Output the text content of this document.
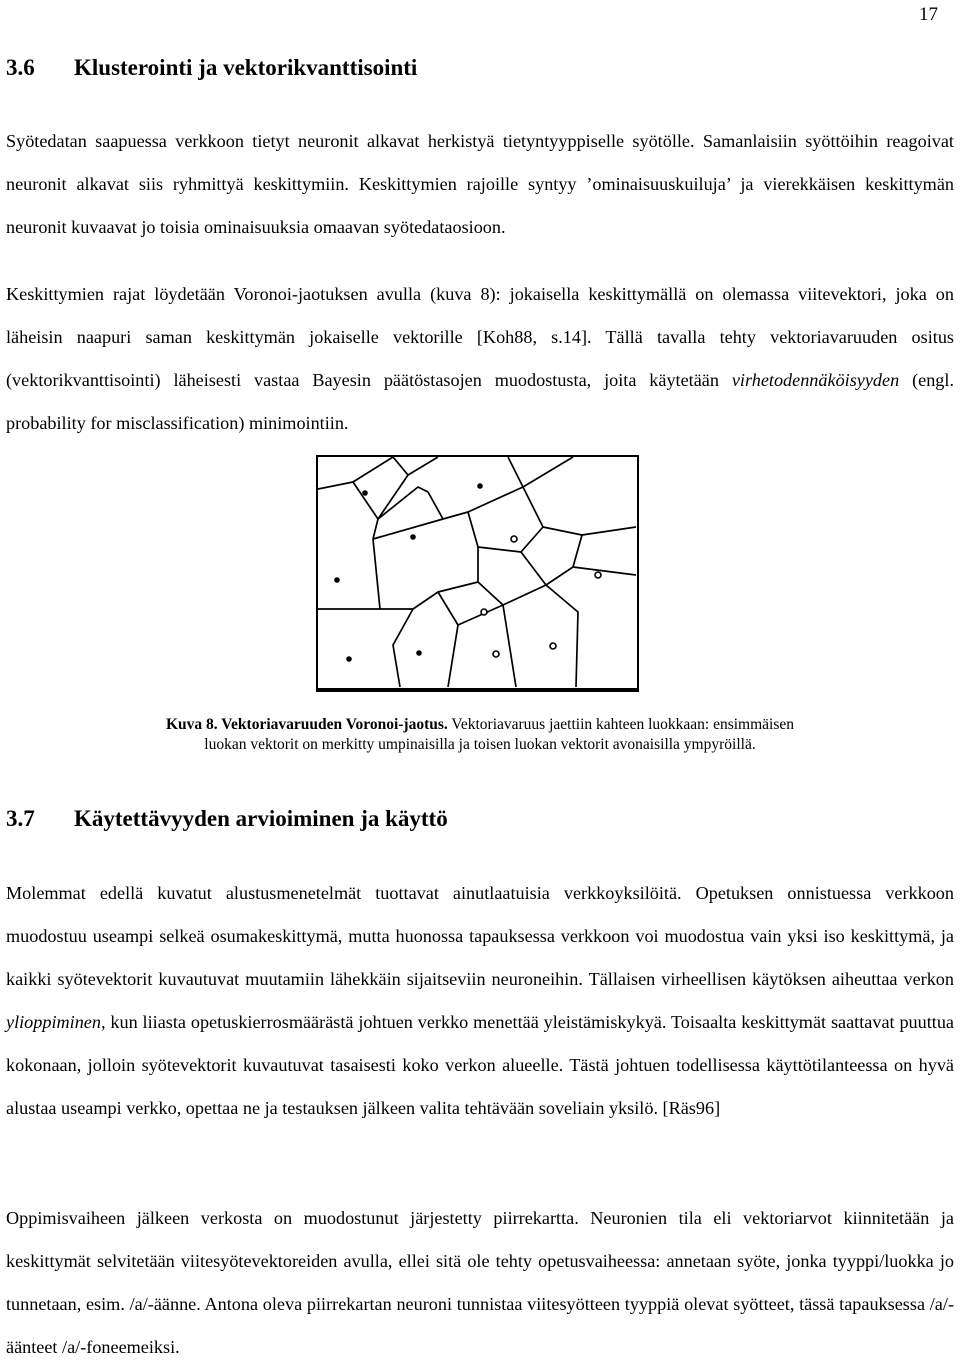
17
3.6 Klusterointi ja vektorikvanttisointi

Syötedatan saapuessa verkkoon tietyt neuronit alkavat herkistyä tietyntyyppiselle syötölle. Samanlaisiin syöttöihin reagoivat neuronit alkavat siis ryhmittyä keskittymiin. Keskittymien rajoille syntyy ’ominaisuuskuiluja’ ja vierekkäisen keskittymän neuronit kuvaavat jo toisia ominaisuuksia omaavan syötedataosioon.

Keskittymien rajat löydetään Voronoi-jaotuksen avulla (kuva 8): jokaisella keskittymällä on olemassa viitevektori, joka on läheisin naapuri saman keskittymän jokaiselle vektorille [Koh88, s.14]. Tällä tavalla tehty vektoriavaruuden ositus (vektorikvanttisointi) läheisesti vastaa Bayesin päätöstasojen muodostusta, joita käytetään virhetodennäköisyyden (engl. probability for misclassification) minimointiin.

Kuva 8. Vektoriavaruuden Voronoi-jaotus. Vektoriavaruus jaettiin kahteen luokkaan: ensimmäisen luokan vektorit on merkitty umpinaisilla ja toisen luokan vektorit avonaisilla ympyröillä.

3.7 Käytettävyyden arvioiminen ja käyttö

Molemmat edellä kuvatut alustusmenetelmät tuottavat ainutlaatuisia verkkoyksilöitä. Opetuksen onnistuessa verkkoon muodostuu useampi selkeä osumakeskittymä, mutta huonossa tapauksessa verkkoon voi muodostua vain yksi iso keskittymä, ja kaikki syötevektorit kuvautuvat muutamiin lähekkäin sijaitseviin neuroneihin. Tällaisen virheellisen käytöksen aiheuttaa verkon ylioppiminen, kun liiasta opetuskierrosmäärästä johtuen verkko menettää yleistämiskykyä. Toisaalta keskittymät saattavat puuttua kokonaan, jolloin syötevektorit kuvautuvat tasaisesti koko verkon alueelle. Tästä johtuen todellisessa käyttötilanteessa on hyvä alustaa useampi verkko, opettaa ne ja testauksen jälkeen valita tehtävään soveliain yksilö. [Räs96]

Oppimisvaiheen jälkeen verkosta on muodostunut järjestetty piirrekartta. Neuronien tila eli vektoriarvot kiinnitetään ja keskittymät selvitetään viitesyötevektoreiden avulla, ellei sitä ole tehty opetusvaiheessa: annetaan syöte, jonka tyyppi/luokka jo tunnetaan, esim. /a/-äänne. Antona oleva piirrekartan neuroni tunnistaa viitesyötteen tyyppiä olevat syötteet, tässä tapauksessa /a/-äänteet /a/-foneemeiksi.
